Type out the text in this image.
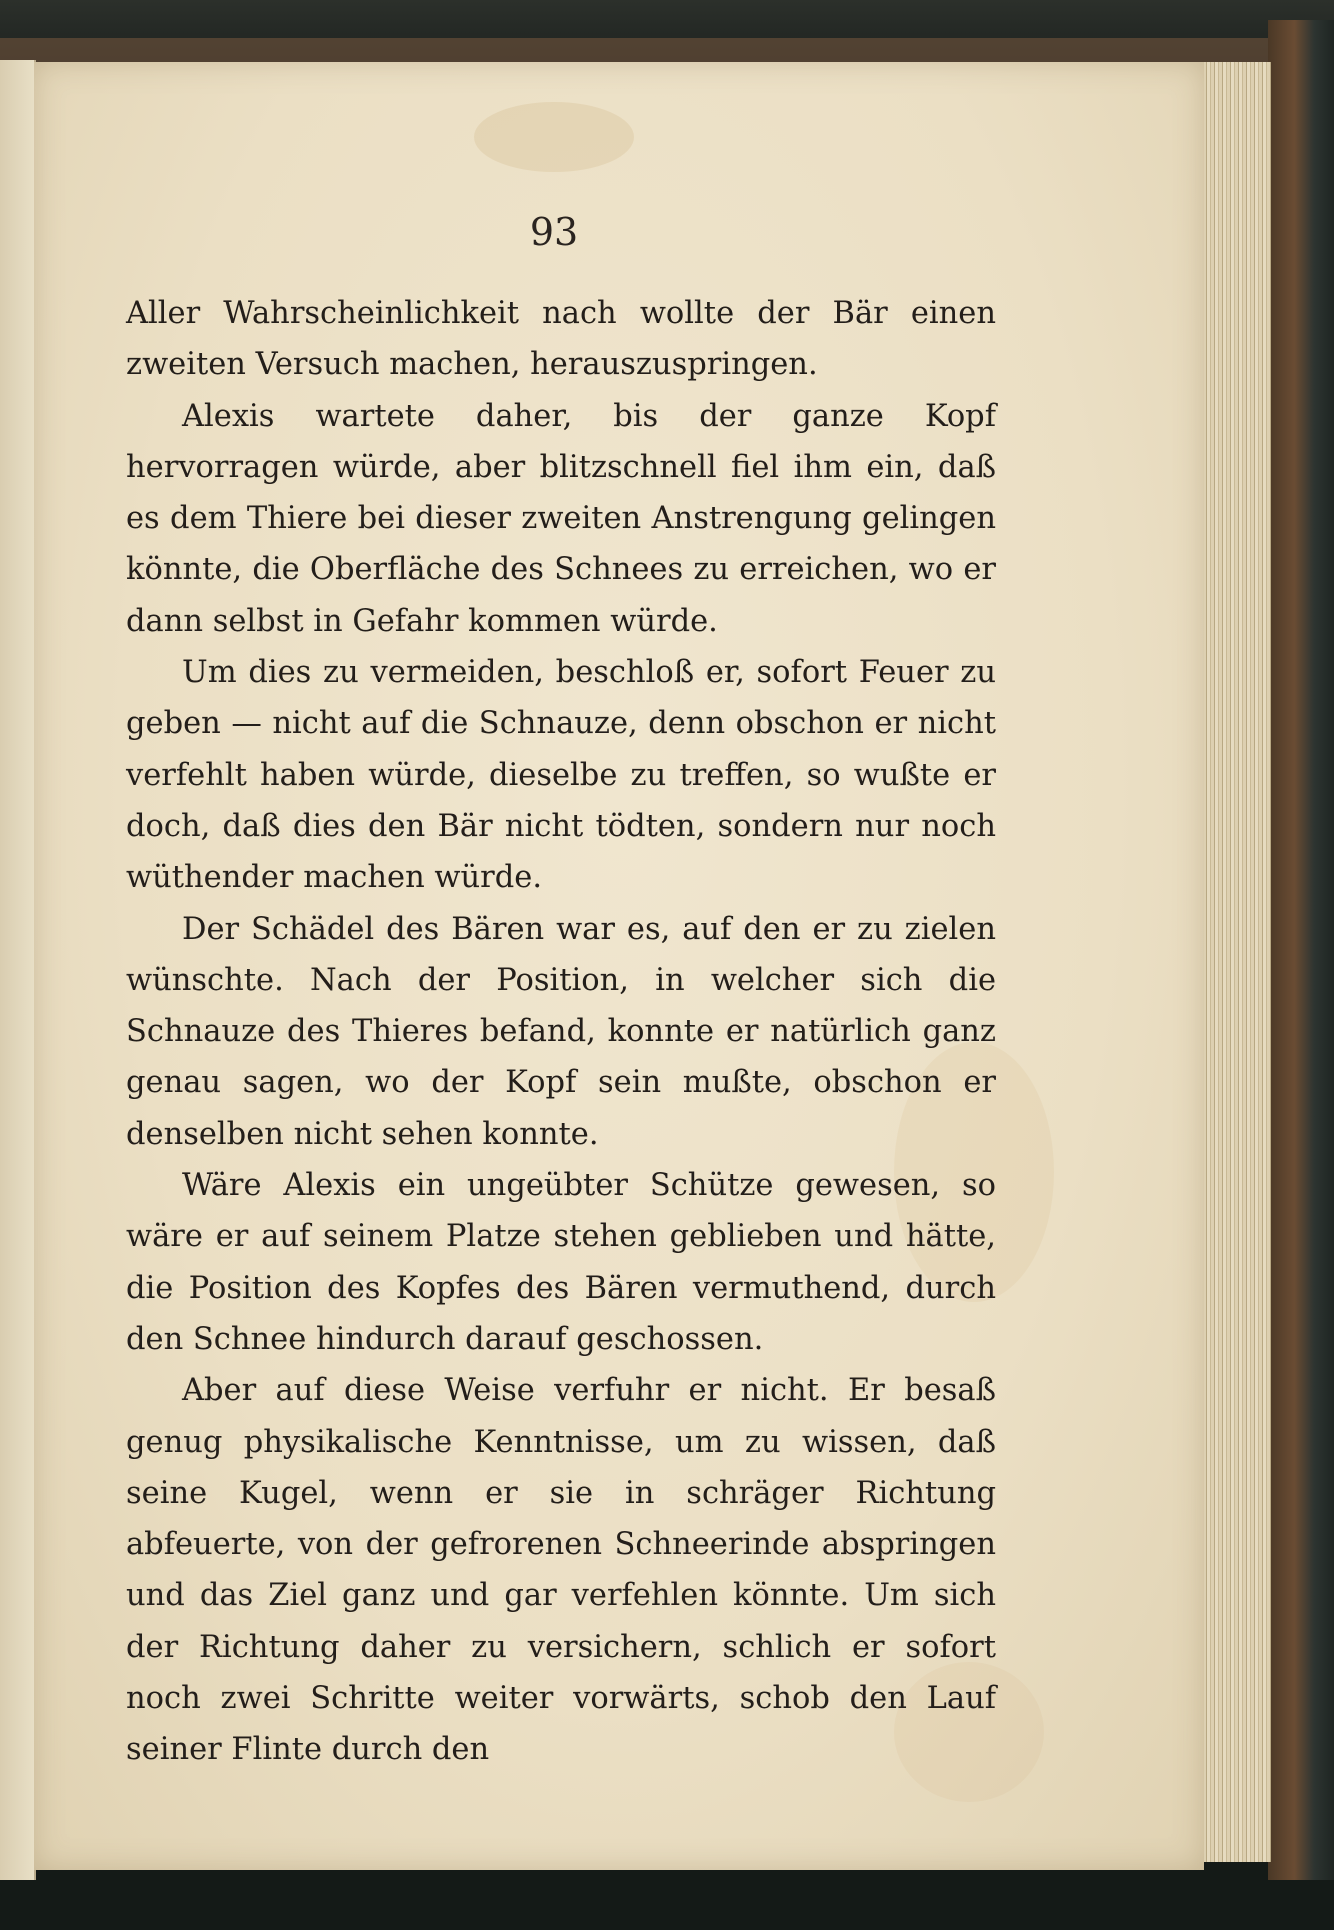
93

Aller Wahrscheinlichkeit nach wollte der Bär einen zweiten Versuch machen, herauszuspringen.

Alexis wartete daher, bis der ganze Kopf hervorragen würde, aber blitzschnell fiel ihm ein, daß es dem Thiere bei dieser zweiten Anstrengung gelingen könnte, die Oberfläche des Schnees zu erreichen, wo er dann selbst in Gefahr kommen würde.

Um dies zu vermeiden, beschloß er, sofort Feuer zu geben — nicht auf die Schnauze, denn obschon er nicht verfehlt haben würde, dieselbe zu treffen, so wußte er doch, daß dies den Bär nicht tödten, sondern nur noch wüthender machen würde.

Der Schädel des Bären war es, auf den er zu zielen wünschte. Nach der Position, in welcher sich die Schnauze des Thieres befand, konnte er natürlich ganz genau sagen, wo der Kopf sein mußte, obschon er denselben nicht sehen konnte.

Wäre Alexis ein ungeübter Schütze gewesen, so wäre er auf seinem Platze stehen geblieben und hätte, die Position des Kopfes des Bären vermuthend, durch den Schnee hindurch darauf geschossen.

Aber auf diese Weise verfuhr er nicht. Er besaß genug physikalische Kenntnisse, um zu wissen, daß seine Kugel, wenn er sie in schräger Richtung abfeuerte, von der gefrorenen Schneerinde abspringen und das Ziel ganz und gar verfehlen könnte. Um sich der Richtung daher zu versichern, schlich er sofort noch zwei Schritte weiter vorwärts, schob den Lauf seiner Flinte durch den
